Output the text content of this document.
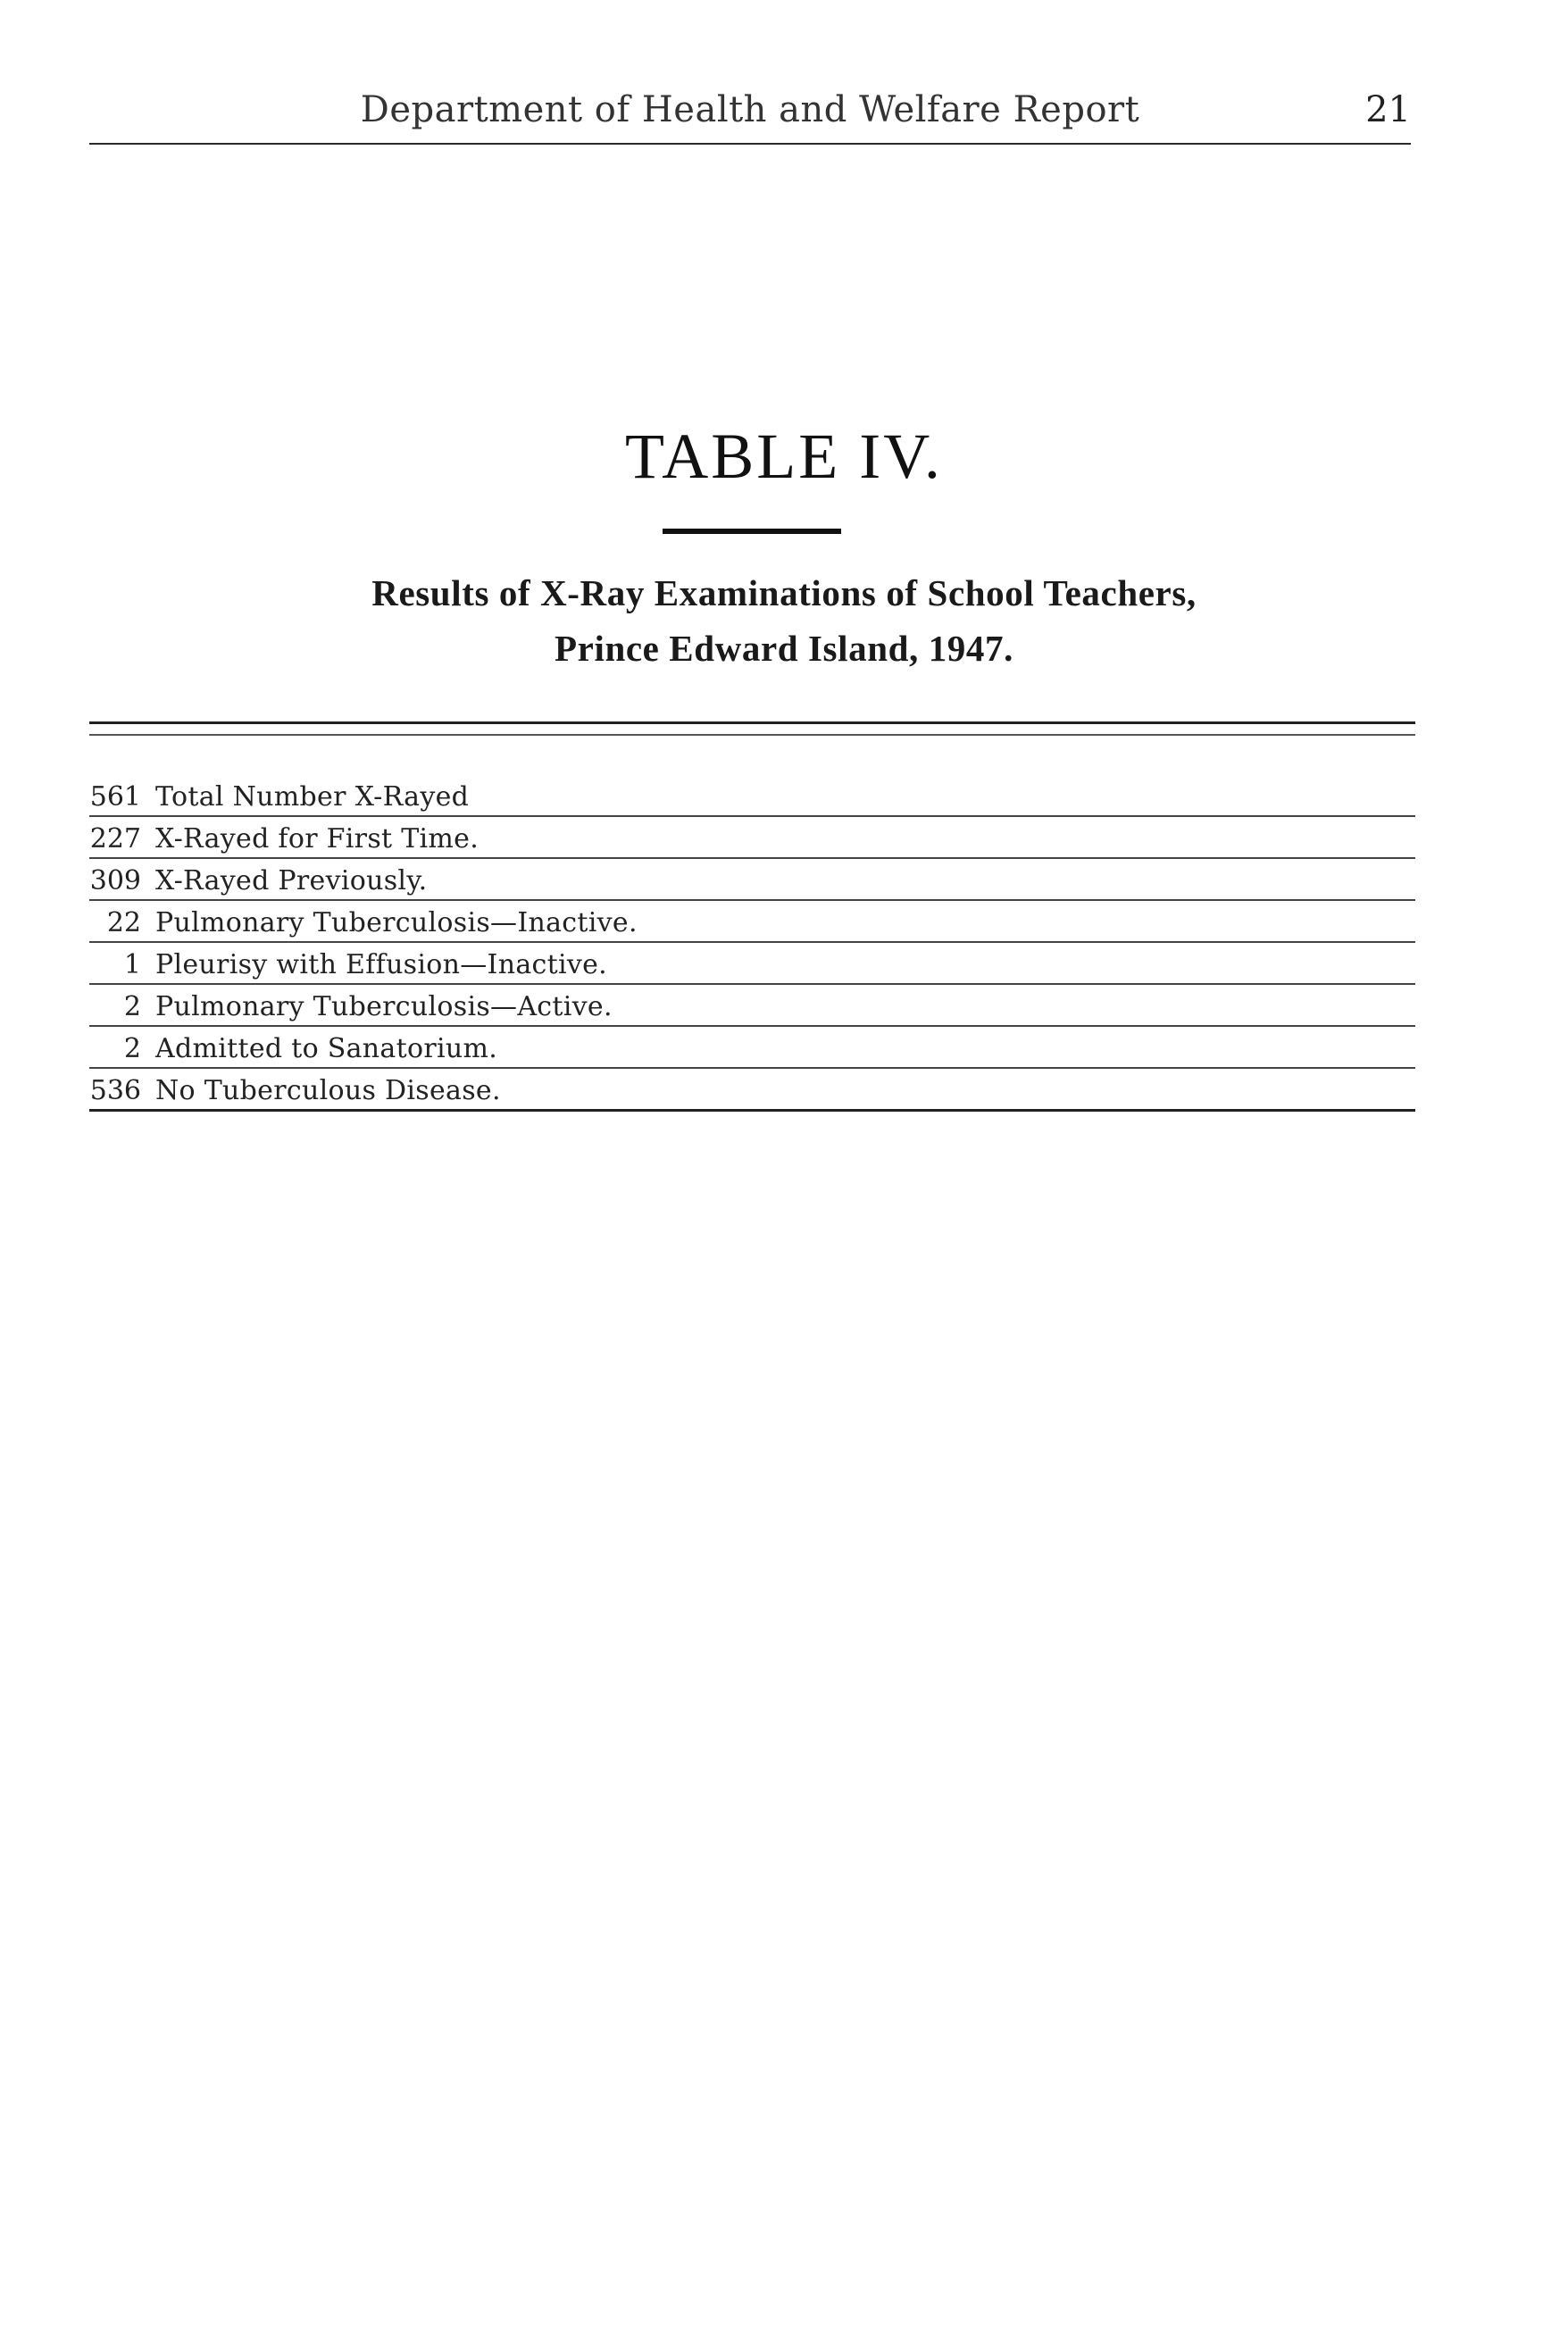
Department of Health and Welfare Report	21
TABLE IV.
Results of X-Ray Examinations of School Teachers,
Prince Edward Island, 1947.
561 Total Number X-Rayed
227 X-Rayed for First Time.
309 X-Rayed Previously.
22 Pulmonary Tuberculosis—Inactive.
1 Pleurisy with Effusion—Inactive.
2 Pulmonary Tuberculosis—Active.
2 Admitted to Sanatorium.
536 No Tuberculous Disease.
